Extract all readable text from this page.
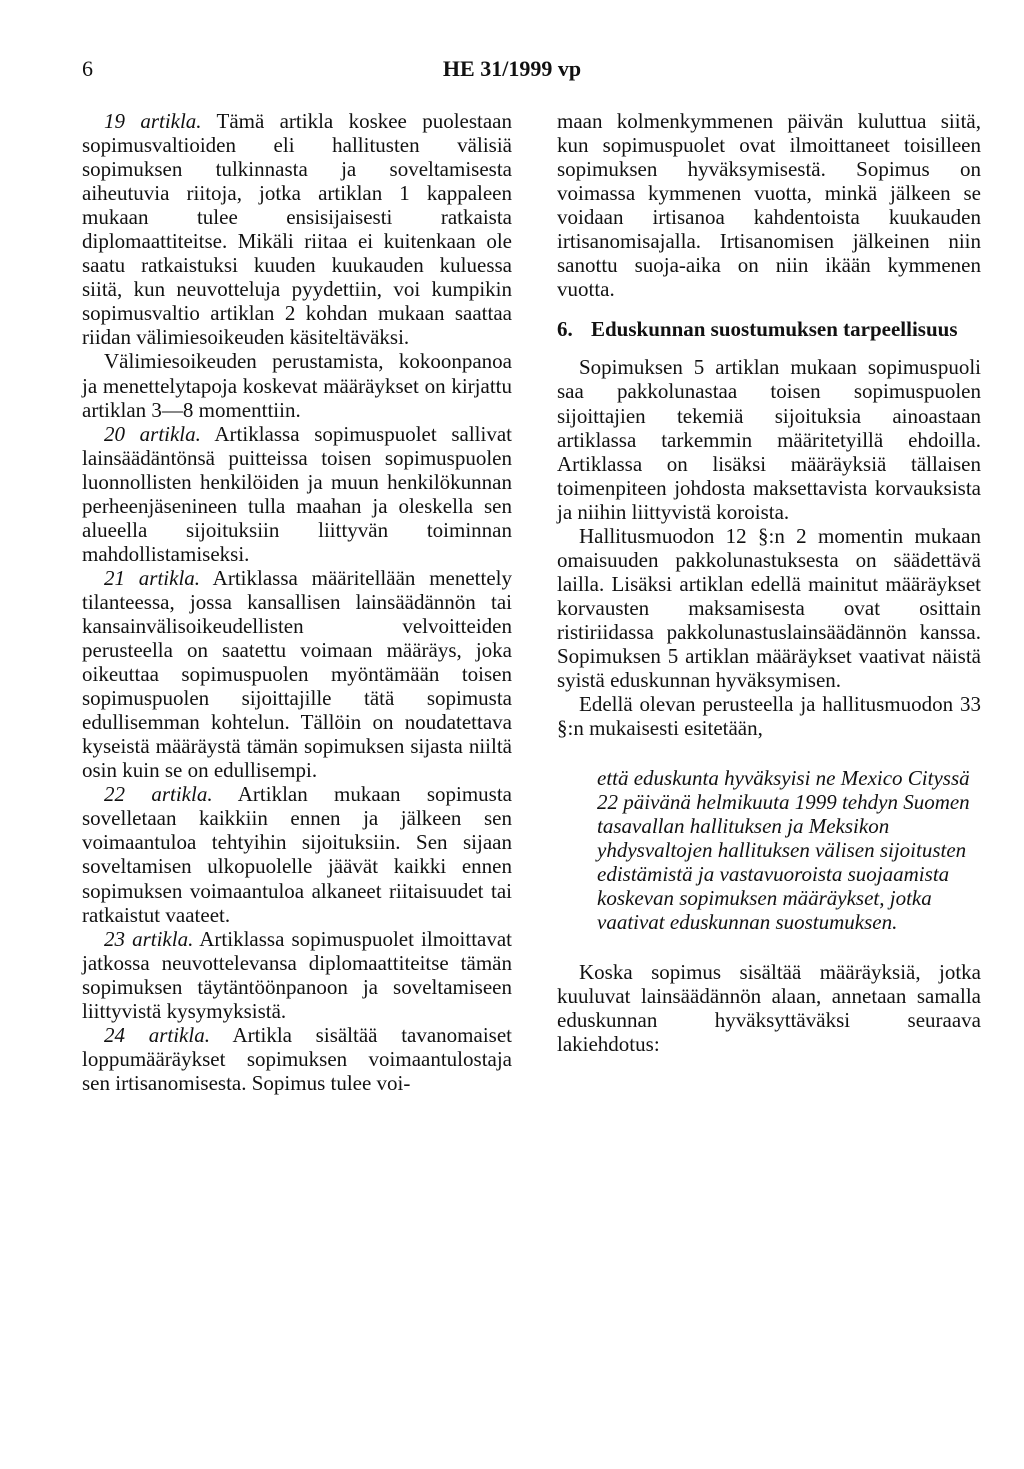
6	HE 31/1999 vp

19 artikla. Tämä artikla koskee puolestaan sopimusvaltioiden eli hallitusten välisiä sopimuksen tulkinnasta ja soveltamisesta aiheutuvia riitoja, jotka artiklan 1 kappaleen mukaan tulee ensisijaisesti ratkaista diplomaattiteitse. Mikäli riitaa ei kuitenkaan ole saatu ratkaistuksi kuuden kuukauden kuluessa siitä, kun neuvotteluja pyydettiin, voi kumpikin sopimusvaltio artiklan 2 kohdan mukaan saattaa riidan välimiesoikeuden käsiteltäväksi.

Välimiesoikeuden perustamista, kokoonpanoa ja menettelytapoja koskevat määräykset on kirjattu artiklan 3—8 momenttiin.

20 artikla. Artiklassa sopimuspuolet sallivat lainsäädäntönsä puitteissa toisen sopimuspuolen luonnollisten henkilöiden ja muun henkilökunnan perheenjäsenineen tulla maahan ja oleskella sen alueella sijoituksiin liittyvän toiminnan mahdollistamiseksi.

21 artikla. Artiklassa määritellään menettely tilanteessa, jossa kansallisen lainsäädännön tai kansainvälisoikeudellisten velvoitteiden perusteella on saatettu voimaan määräys, joka oikeuttaa sopimuspuolen myöntämään toisen sopimuspuolen sijoittajille tätä sopimusta edullisemman kohtelun. Tällöin on noudatettava kyseistä määräystä tämän sopimuksen sijasta niiltä osin kuin se on edullisempi.

22 artikla. Artiklan mukaan sopimusta sovelletaan kaikkiin ennen ja jälkeen sen voimaantuloa tehtyihin sijoituksiin. Sen sijaan soveltamisen ulkopuolelle jäävät kaikki ennen sopimuksen voimaantuloa alkaneet riitaisuudet tai ratkaistut vaateet.

23 artikla. Artiklassa sopimuspuolet ilmoittavat jatkossa neuvottelevansa diplomaattiteitse tämän sopimuksen täytäntöönpanoon ja soveltamiseen liittyvistä kysymyksistä.

24 artikla. Artikla sisältää tavanomaiset loppumääräykset sopimuksen voimaantulostaja sen irtisanomisesta. Sopimus tulee voi-

maan kolmenkymmenen päivän kuluttua siitä, kun sopimuspuolet ovat ilmoittaneet toisilleen sopimuksen hyväksymisestä. Sopimus on voimassa kymmenen vuotta, minkä jälkeen se voidaan irtisanoa kahdentoista kuukauden irtisanomisajalla. Irtisanomisen jälkeinen niin sanottu suoja-aika on niin ikään kymmenen vuotta.

6. Eduskunnan suostumuksen tarpeellisuus

Sopimuksen 5 artiklan mukaan sopimuspuoli saa pakkolunastaa toisen sopimuspuolen sijoittajien tekemiä sijoituksia ainoastaan artiklassa tarkemmin määritetyillä ehdoilla. Artiklassa on lisäksi määräyksiä tällaisen toimenpiteen johdosta maksettavista korvauksista ja niihin liittyvistä koroista.

Hallitusmuodon 12 §:n 2 momentin mukaan omaisuuden pakkolunastuksesta on säädettävä lailla. Lisäksi artiklan edellä mainitut määräykset korvausten maksamisesta ovat osittain ristiriidassa pakkolunastuslainsäädännön kanssa. Sopimuksen 5 artiklan määräykset vaativat näistä syistä eduskunnan hyväksymisen.

Edellä olevan perusteella ja hallitusmuodon 33 §:n mukaisesti esitetään,

että eduskunta hyväksyisi ne Mexico Cityssä 22 päivänä helmikuuta 1999 tehdyn Suomen tasavallan hallituksen ja Meksikon yhdysvaltojen hallituksen välisen sijoitusten edistämistä ja vastavuoroista suojaamista koskevan sopimuksen määräykset, jotka vaativat eduskunnan suostumuksen.

Koska sopimus sisältää määräyksiä, jotka kuuluvat lainsäädännön alaan, annetaan samalla eduskunnan hyväksyttäväksi seuraava lakiehdotus:
